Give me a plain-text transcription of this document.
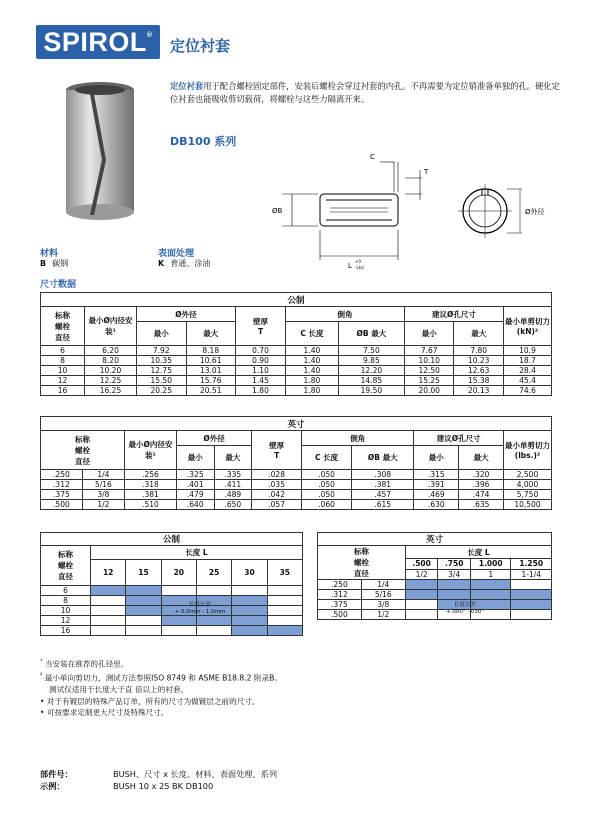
SPIROL®
定位衬套
定位衬套用于配合螺栓固定部件，安装后螺栓会穿过衬套的内孔。不再需要为定位销准备单独的孔。硬化定位衬套也能吸收剪切载荷，将螺栓与这些力隔离开来。
DB100 系列
C
T
ØB
L
+0
-Ltol
Ø外径
材料
B 碳钢
表面处理
K 普通、涂油
尺寸数据
公制									
标称
螺栓
直径	最小Ø内径安装¹	Ø外径		壁厚
T	倒角		建议Ø孔尺寸		最小单剪切力
(kN)²
		最小	最大		C 长度	ØB 最大	最小	最大	
6	6.20	7.92	8.18	0.70	1.40	7.50	7.67	7.80	10.9
8	8.20	10.35	10.61	0.90	1.40	9.85	10.10	10.23	18.7
10	10.20	12.75	13.01	1.10	1.40	12.20	12.50	12.63	28.4
12	12.25	15.50	15.76	1.45	1.80	14.85	15.25	15.38	45.4
16	16.25	20.25	20.51	1.80	1.80	19.50	20.00	20.13	74.6
英寸										
标称
螺栓
直径		最小Ø内径安装¹	Ø外径		壁厚
T	倒角		建议Ø孔尺寸		最小单剪切力
(lbs.)²
			最小	最大		C 长度	ØB 最大	最小	最大	
.250	1/4	.256	.325	.335	.028	.050	.308	.315	.320	2,500
.312	5/16	.318	.401	.411	.035	.050	.381	.391	.396	4,000
.375	3/8	.381	.479	.489	.042	.050	.457	.469	.474	5,750
.500	1/2	.510	.640	.650	.057	.060	.615	.630	.635	10,500
公制						
标称
螺栓
直径	长度 L					
	12	15	20	25	30	35
6						
8						
10						
12						
16						
长度公差
+ 0.0mm - 1.0mm
英寸					
标称
螺栓
直径		长度 L			
		.500	.750	1.000	1.250
		1/2	3/4	1	1-1/4
.250	1/4				
.312	5/16				
.375	3/8				
.500	1/2				
长度公差
+.000" -.030"
$^{^1}$ 当安装在推荐的孔径里。
$^{^2}$ 最小单向剪切力，测试方法参照ISO 8749 和 ASME B18.8.2 附录B。
测试仅适用于长度大于直 倍以上的衬套。
• 对于有镀层的特殊产品订单，所有的尺寸为做镀层之前的尺寸。
• 可按要求定制更大尺寸及特殊尺寸。
部件号：	BUSH、尺寸 x 长度、材料、表面处理、系列
示例：	BUSH 10 x 25 BK DB100
